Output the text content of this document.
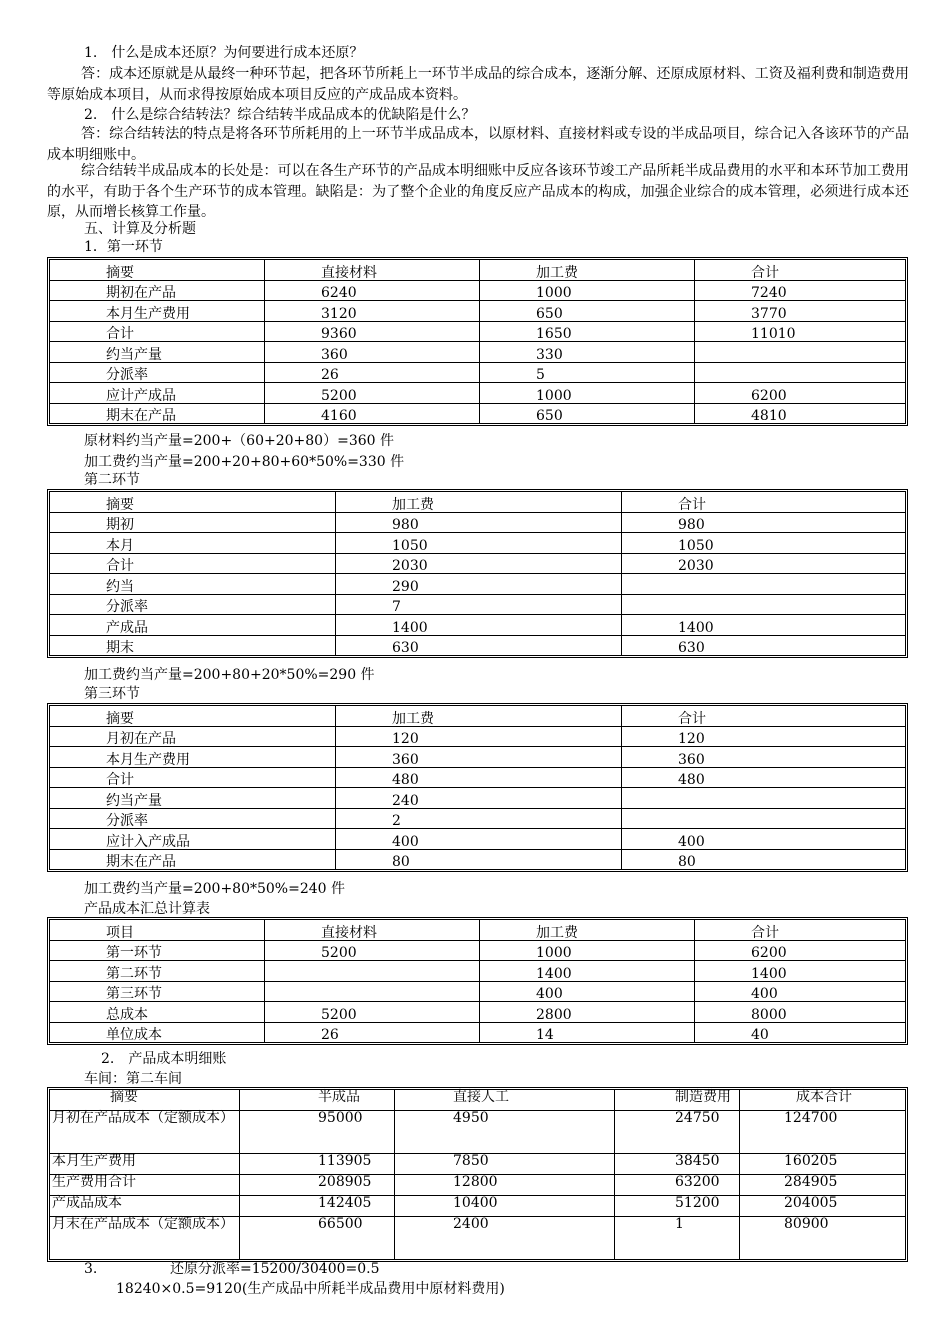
1.　什么是成本还原？为何要进行成本还原？
答：成本还原就是从最终一种环节起，把各环节所耗上一环节半成品的综合成本，逐渐分解、还原成原材料、工资及福利费和制造费用等原始成本项目，从而求得按原始成本项目反应的产成品成本资料。
2.　什么是综合结转法？综合结转半成品成本的优缺陷是什么？
答：综合结转法的特点是将各环节所耗用的上一环节半成品成本，以原材料、直接材料或专设的半成品项目，综合记入各该环节的产品成本明细账中。
综合结转半成品成本的长处是：可以在各生产环节的产品成本明细账中反应各该环节竣工产品所耗半成品费用的水平和本环节加工费用的水平，有助于各个生产环节的成本管理。缺陷是：为了整个企业的角度反应产品成本的构成，加强企业综合的成本管理，必须进行成本还原，从而增长核算工作量。
五、计算及分析题
1．第一环节
摘要	直接材料	加工费	合计
期初在产品	6240	1000	7240
本月生产费用	3120	650	3770
合计	9360	1650	11010
约当产量	360	330	
分派率	26	5	
应计产成品	5200	1000	6200
期末在产品	4160	650	4810
原材料约当产量=200+（60+20+80）=360 件
加工费约当产量=200+20+80+60*50%=330 件
第二环节
摘要	加工费	合计
期初	980	980
本月	1050	1050
合计	2030	2030
约当	290	
分派率	7	
产成品	1400	1400
期末	630	630
加工费约当产量=200+80+20*50%=290 件
第三环节
摘要	加工费	合计
月初在产品	120	120
本月生产费用	360	360
合计	480	480
约当产量	240	
分派率	2	
应计入产成品	400	400
期末在产品	80	80
加工费约当产量=200+80*50%=240 件
产品成本汇总计算表
项目	直接材料	加工费	合计
第一环节	5200	1000	6200
第二环节		1400	1400
第三环节		400	400
总成本	5200	2800	8000
单位成本	26	14	40
2.　产品成本明细账
车间：第二车间
摘要	半成品	直接人工	制造费用	成本合计
月初在产品成本（定额成本）	95000	4950	24750	124700
本月生产费用	113905	7850	38450	160205
生产费用合计	208905	12800	63200	284905
产成品成本	142405	10400	51200	204005
月末在产品成本（定额成本）	66500	2400	1	80900
3.	还原分派率=15200/30400=0.5
18240×0.5=9120(生产成品中所耗半成品费用中原材料费用)
